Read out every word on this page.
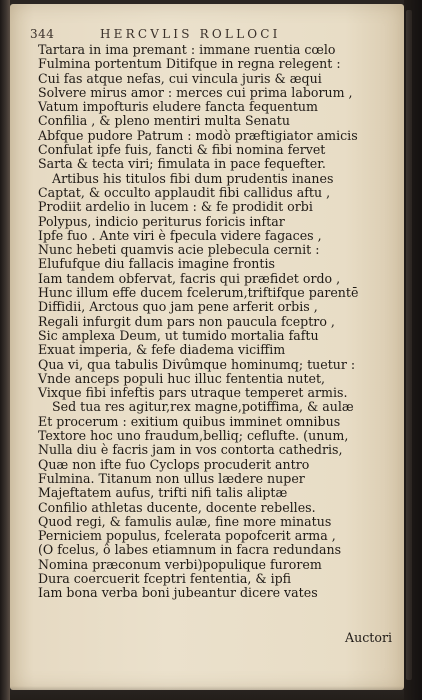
344	HERCVLIS ROLLOCI
Tartara in ima premant : immane ruentia cœlo
Fulmina portentum Ditifque in regna relegent :
Cui fas atque nefas, cui vincula juris & æqui
Solvere mirus amor : merces cui prima laborum ,
Vatum impofturis eludere fancta fequentum
Confilia , & pleno mentiri multa Senatu
Abfque pudore Patrum : modò præftigiator amicis
Confulat ipfe fuis, fancti & fibi nomina fervet
Sarta & tecta viri; fimulata in pace fequefter.
Artibus his titulos fibi dum prudentis inanes
Captat, & occulto applaudit fibi callidus aftu ,
Prodiit ardelio in lucem : & fe prodidit orbi
Polypus, indicio periturus foricis inftar
Ipfe fuo . Ante viri è fpecula videre fagaces ,
Nunc hebeti quamvis acie plebecula cernit :
Elufufque diu fallacis imagine frontis
Iam tandem obfervat, facris qui præfidet ordo ,
Hunc illum effe ducem fcelerum,triftifque parentē
Diffidii, Arctous quo jam pene arferit orbis ,
Regali infurgit dum pars non paucula fceptro ,
Sic amplexa Deum, ut tumido mortalia faftu
Exuat imperia, & fefe diadema viciffim
Qua vi, qua tabulis Divûmque hominumq; tuetur :
Vnde anceps populi huc illuc fententia nutet,
Vixque fibi infeftis pars utraque temperet armis.
Sed tua res agitur,rex magne,potiffima, & aulæ
Et procerum : exitium quibus imminet omnibus
Textore hoc uno fraudum,belliq; ceflufte. (unum,
Nulla diu è facris jam in vos contorta cathedris,
Quæ non ifte fuo Cyclops procuderit antro
Fulmina. Titanum non ullus lædere nuper
Majeftatem aufus, trifti nifi talis aliptæ
Confilio athletas ducente, docente rebelles.
Quod regi, & famulis aulæ, fine more minatus
Perniciem populus, fcelerata popofcerit arma ,
(O fcelus, ô labes etiamnum in facra redundans
Nomina præconum verbi)populique furorem
Dura coercuerit fceptri fententia, & ipfi
Iam bona verba boni jubeantur dicere vates
Auctori
